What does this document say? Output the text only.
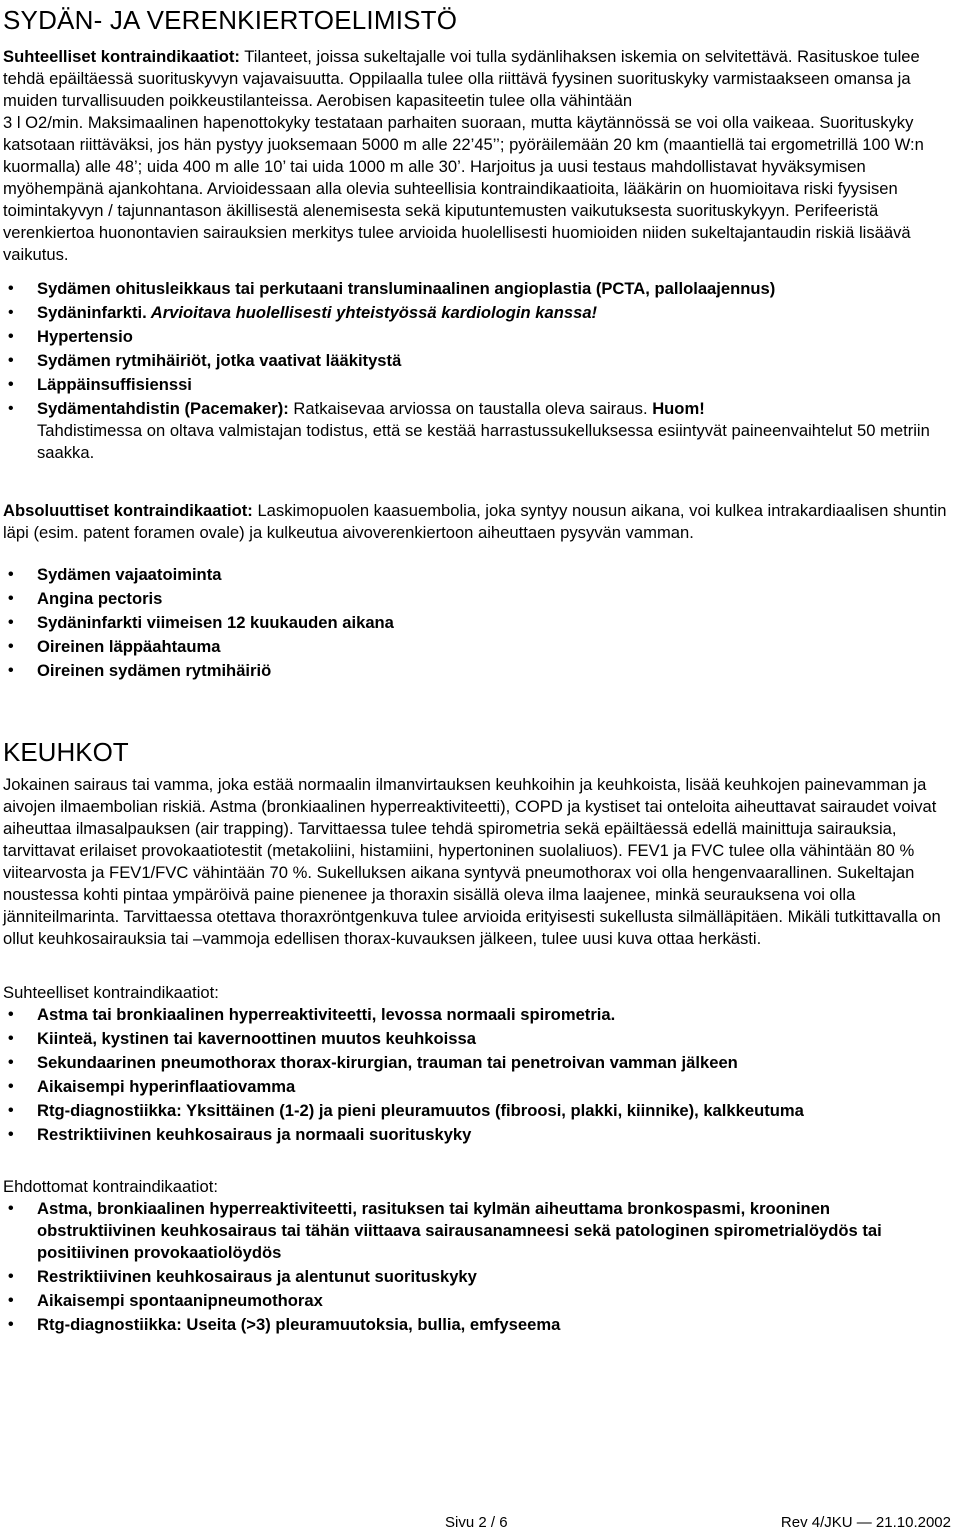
SYDÄN- JA VERENKIERTOELIMISTÖ

Suhteelliset kontraindikaatiot: Tilanteet, joissa sukeltajalle voi tulla sydänlihaksen iskemia on selvitettävä. Rasituskoe tulee tehdä epäiltäessä suorituskyvyn vajavaisuutta. Oppilaalla tulee olla riittävä fyysinen suorituskyky varmistaakseen omansa ja muiden turvallisuuden poikkeustilanteissa. Aerobisen kapasiteetin tulee olla vähintään

3 l O2/min. Maksimaalinen hapenottokyky testataan parhaiten suoraan, mutta käytännössä se voi olla vaikeaa. Suorituskyky katsotaan riittäväksi, jos hän pystyy juoksemaan 5000 m alle 22’45’’; pyöräilemään 20 km (maantiellä tai ergometrillä 100 W:n kuormalla) alle 48’; uida 400 m alle 10’ tai uida 1000 m alle 30’. Harjoitus ja uusi testaus mahdollistavat hyväksymisen myöhempänä ajankohtana. Arvioidessaan alla olevia suhteellisia kontraindikaatioita, lääkärin on huomioitava riski fyysisen toimintakyvyn / tajunnantason äkillisestä alenemisesta sekä kiputuntemusten vaikutuksesta suorituskykyyn. Perifeeristä verenkiertoa huonontavien sairauksien merkitys tulee arvioida huolellisesti huomioiden niiden sukeltajantaudin riskiä lisäävä vaikutus.

• Sydämen ohitusleikkaus tai perkutaani transluminaalinen angioplastia (PCTA, pallolaajennus)
• Sydäninfarkti. Arvioitava huolellisesti yhteistyössä kardiologin kanssa!
• Hypertensio
• Sydämen rytmihäiriöt, jotka vaativat lääkitystä
• Läppäinsuffisienssi
• Sydämentahdistin (Pacemaker): Ratkaisevaa arviossa on taustalla oleva sairaus. Huom!
Tahdistimessa on oltava valmistajan todistus, että se kestää harrastussukelluksessa esiintyvät paineenvaihtelut 50 metriin saakka.

Absoluuttiset kontraindikaatiot: Laskimopuolen kaasuembolia, joka syntyy nousun aikana, voi kulkea intrakardiaalisen shuntin läpi (esim. patent foramen ovale) ja kulkeutua aivoverenkiertoon aiheuttaen pysyvän vamman.

• Sydämen vajaatoiminta
• Angina pectoris
• Sydäninfarkti viimeisen 12 kuukauden aikana
• Oireinen läppäahtauma
• Oireinen sydämen rytmihäiriö
KEUHKOT

Jokainen sairaus tai vamma, joka estää normaalin ilmanvirtauksen keuhkoihin ja keuhkoista, lisää keuhkojen painevamman ja aivojen ilmaembolian riskiä. Astma (bronkiaalinen hyperreaktiviteetti), COPD ja kystiset tai onteloita aiheuttavat sairaudet voivat aiheuttaa ilmasalpauksen (air trapping). Tarvittaessa tulee tehdä spirometria sekä epäiltäessä edellä mainittuja sairauksia, tarvittavat erilaiset provokaatiotestit (metakoliini, histamiini, hypertoninen suolaliuos). FEV1 ja FVC tulee olla vähintään 80 % viitearvosta ja FEV1/FVC vähintään 70 %. Sukelluksen aikana syntyvä pneumothorax voi olla hengenvaarallinen. Sukeltajan noustessa kohti pintaa ympäröivä paine pienenee ja thoraxin sisällä oleva ilma laajenee, minkä seurauksena voi olla jänniteilmarinta. Tarvittaessa otettava thoraxröntgenkuva tulee arvioida erityisesti sukellusta silmälläpitäen. Mikäli tutkittavalla on ollut keuhkosairauksia tai –vammoja edellisen thorax-kuvauksen jälkeen, tulee uusi kuva ottaa herkästi.

Suhteelliset kontraindikaatiot:

• Astma tai bronkiaalinen hyperreaktiviteetti, levossa normaali spirometria.
• Kiinteä, kystinen tai kavernoottinen muutos keuhkoissa
• Sekundaarinen pneumothorax thorax-kirurgian, trauman tai penetroivan vamman jälkeen
• Aikaisempi hyperinflaatiovamma
• Rtg-diagnostiikka: Yksittäinen (1-2) ja pieni pleuramuutos (fibroosi, plakki, kiinnike), kalkkeutuma
• Restriktiivinen keuhkosairaus ja normaali suorituskyky

Ehdottomat kontraindikaatiot:

• Astma, bronkiaalinen hyperreaktiviteetti, rasituksen tai kylmän aiheuttama bronkospasmi, krooninen obstruktiivinen keuhkosairaus tai tähän viittaava sairausanamneesi sekä patologinen spirometrialöydös tai positiivinen provokaatiolöydös
• Restriktiivinen keuhkosairaus ja alentunut suorituskyky
• Aikaisempi spontaanipneumothorax
• Rtg-diagnostiikka: Useita (>3) pleuramuutoksia, bullia, emfyseema
Sivu 2 / 6	Rev 4/JKU — 21.10.2002
